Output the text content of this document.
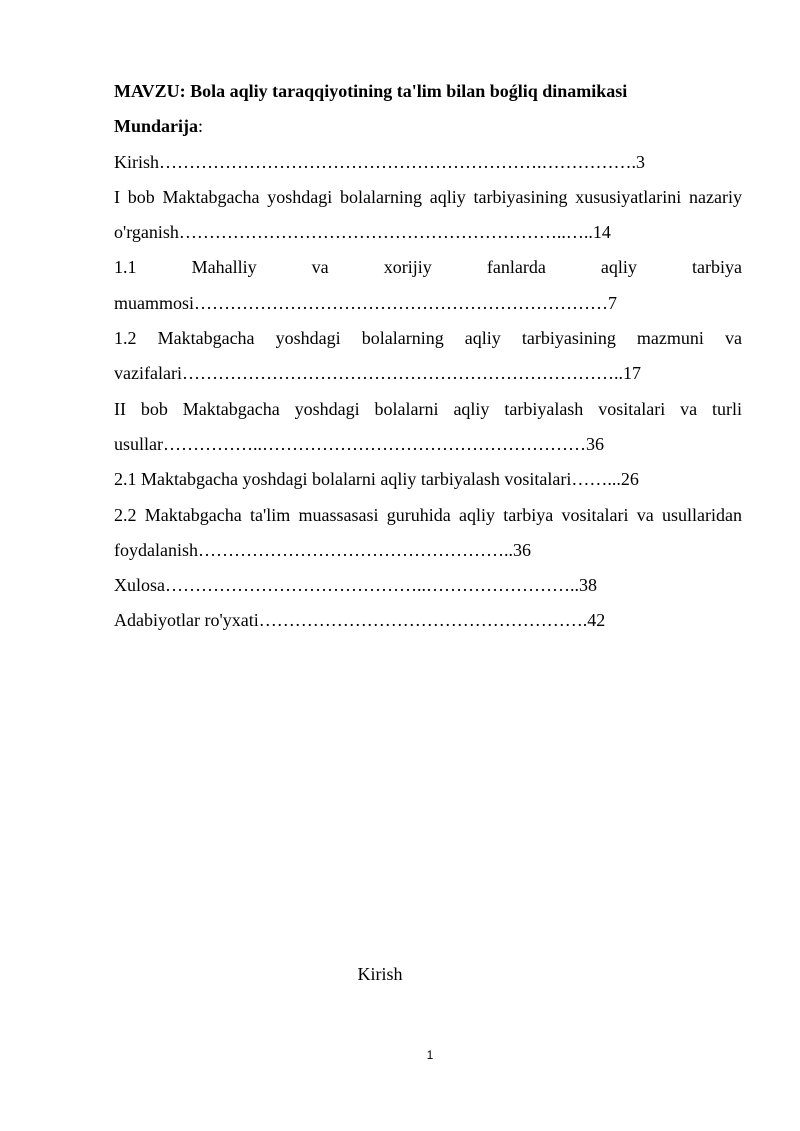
MAVZU: Bola aqliy taraqqiyotining ta'lim bilan boǵliq dinamikasi
Mundarija:
Kirish……………………………………………………….…………….3
I bob Maktabgacha yoshdagi bolalarning aqliy tarbiyasining xususiyatlarini nazariy
o'rganish………………………………………………………..…..14
1.1 Mahalliy va xorijiy fanlarda aqliy tarbiya
muammosi……………………………………………………………7
1.2 Maktabgacha yoshdagi bolalarning aqliy tarbiyasining mazmuni va vazifalari………………………………………………………………..17
II bob Maktabgacha yoshdagi bolalarni aqliy tarbiyalash vositalari va turli usullar……………..………………………………………………36
2.1 Maktabgacha yoshdagi bolalarni aqliy tarbiyalash vositalari……...26
2.2 Maktabgacha ta'lim muassasasi guruhida aqliy tarbiya vositalari va usullaridan foydalanish……………………………………………..36
Xulosa……………………………………..……………………..38
Adabiyotlar ro'yxati……………………………………………….42
Kirish
1
